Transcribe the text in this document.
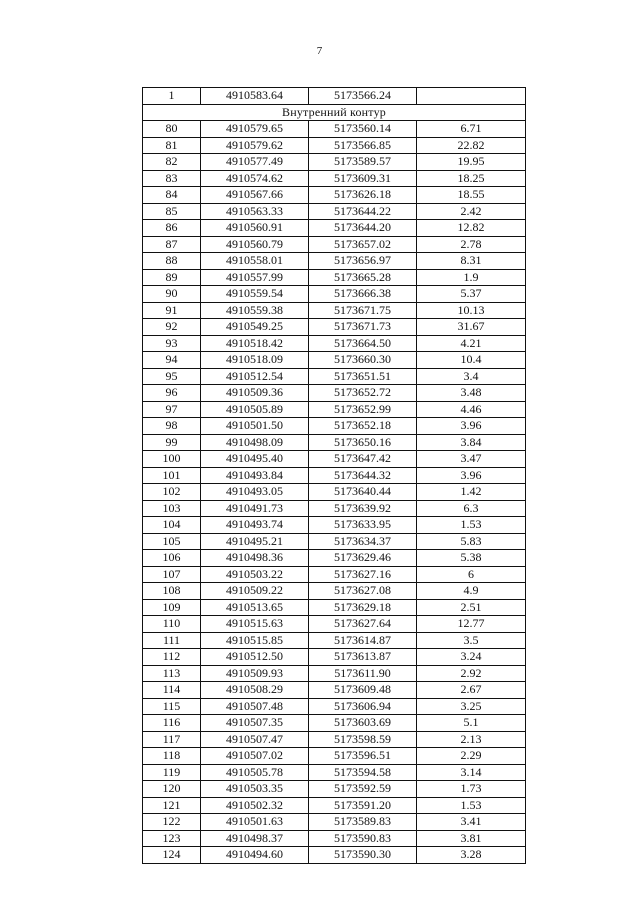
7
1	4910583.64	5173566.24	
Внутренний контур			
80	4910579.65	5173560.14	6.71
81	4910579.62	5173566.85	22.82
82	4910577.49	5173589.57	19.95
83	4910574.62	5173609.31	18.25
84	4910567.66	5173626.18	18.55
85	4910563.33	5173644.22	2.42
86	4910560.91	5173644.20	12.82
87	4910560.79	5173657.02	2.78
88	4910558.01	5173656.97	8.31
89	4910557.99	5173665.28	1.9
90	4910559.54	5173666.38	5.37
91	4910559.38	5173671.75	10.13
92	4910549.25	5173671.73	31.67
93	4910518.42	5173664.50	4.21
94	4910518.09	5173660.30	10.4
95	4910512.54	5173651.51	3.4
96	4910509.36	5173652.72	3.48
97	4910505.89	5173652.99	4.46
98	4910501.50	5173652.18	3.96
99	4910498.09	5173650.16	3.84
100	4910495.40	5173647.42	3.47
101	4910493.84	5173644.32	3.96
102	4910493.05	5173640.44	1.42
103	4910491.73	5173639.92	6.3
104	4910493.74	5173633.95	1.53
105	4910495.21	5173634.37	5.83
106	4910498.36	5173629.46	5.38
107	4910503.22	5173627.16	6
108	4910509.22	5173627.08	4.9
109	4910513.65	5173629.18	2.51
110	4910515.63	5173627.64	12.77
111	4910515.85	5173614.87	3.5
112	4910512.50	5173613.87	3.24
113	4910509.93	5173611.90	2.92
114	4910508.29	5173609.48	2.67
115	4910507.48	5173606.94	3.25
116	4910507.35	5173603.69	5.1
117	4910507.47	5173598.59	2.13
118	4910507.02	5173596.51	2.29
119	4910505.78	5173594.58	3.14
120	4910503.35	5173592.59	1.73
121	4910502.32	5173591.20	1.53
122	4910501.63	5173589.83	3.41
123	4910498.37	5173590.83	3.81
124	4910494.60	5173590.30	3.28
